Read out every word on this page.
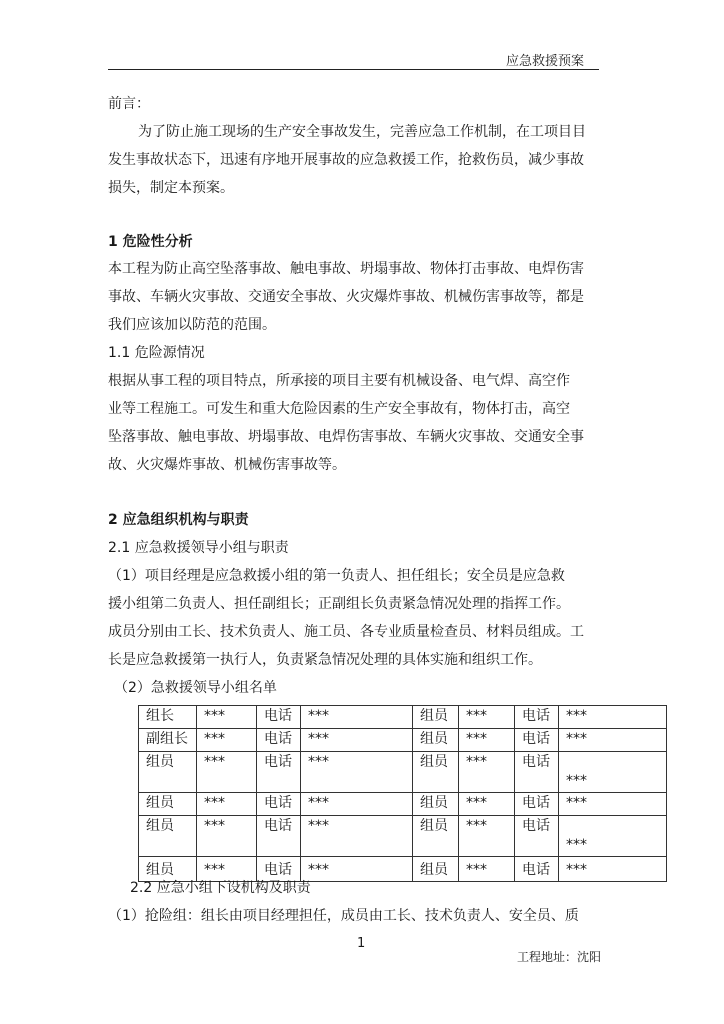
应急救援预案
前言：
为了防止施工现场的生产安全事故发生，完善应急工作机制，在工项目目
发生事故状态下，迅速有序地开展事故的应急救援工作，抢救伤员，减少事故
损失，制定本预案。
1 危险性分析
本工程为防止高空坠落事故、触电事故、坍塌事故、物体打击事故、电焊伤害
事故、车辆火灾事故、交通安全事故、火灾爆炸事故、机械伤害事故等，都是
我们应该加以防范的范围。
1.1 危险源情况
根据从事工程的项目特点，所承接的项目主要有机械设备、电气焊、高空作
业等工程施工。可发生和重大危险因素的生产安全事故有，物体打击，高空
坠落事故、触电事故、坍塌事故、电焊伤害事故、车辆火灾事故、交通安全事
故、火灾爆炸事故、机械伤害事故等。
2 应急组织机构与职责
2.1 应急救援领导小组与职责
（1）项目经理是应急救援小组的第一负责人、担任组长；安全员是应急救
援小组第二负责人、担任副组长；正副组长负责紧急情况处理的指挥工作。
成员分别由工长、技术负责人、施工员、各专业质量检查员、材料员组成。工
长是应急救援第一执行人，负责紧急情况处理的具体实施和组织工作。
（2）急救援领导小组名单
组长	***	电话	***	组员	***	电话	***
副组长	***	电话	***	组员	***	电话	***
组员	***	电话	***	组员	***	电话	***
组员	***	电话	***	组员	***	电话	***
组员	***	电话	***	组员	***	电话	***
组员	***	电话	***	组员	***	电话	***
2.2 应急小组下设机构及职责
（1）抢险组：组长由项目经理担任，成员由工长、技术负责人、安全员、质
1
工程地址：沈阳
